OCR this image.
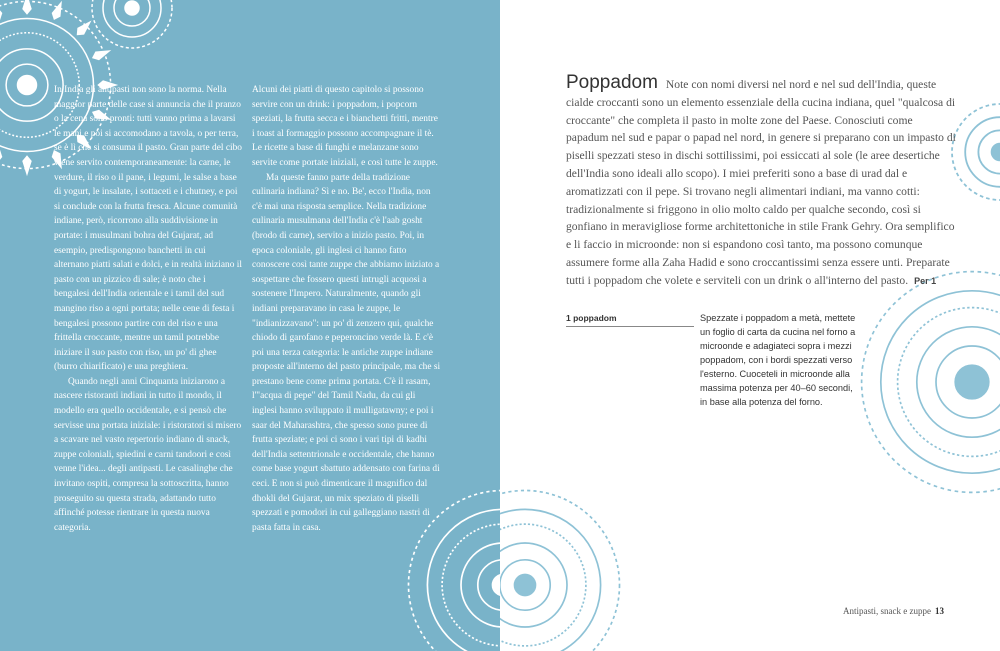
In India gli antipasti non sono la norma. Nella maggior parte delle case si annuncia che il pranzo o la cena sono pronti: tutti vanno prima a lavarsi le mani e poi si accomodano a tavola, o per terra, se è lì che si consuma il pasto. Gran parte del cibo viene servito contemporaneamente: la carne, le verdure, il riso o il pane, i legumi, le salse a base di yogurt, le insalate, i sottaceti e i chutney, e poi si conclude con la frutta fresca. Alcune comunità indiane, però, ricorrono alla suddivisione in portate: i musulmani bohra del Gujarat, ad esempio, predispongono banchetti in cui alternano piatti salati e dolci, e in realtà iniziano il pasto con un pizzico di sale; è noto che i bengalesi dell'India orientale e i tamil del sud mangino riso a ogni portata; nelle cene di festa i bengalesi possono partire con del riso e una frittella croccante, mentre un tamil potrebbe iniziare il suo pasto con riso, un po' di ghee (burro chiarificato) e una preghiera.

Quando negli anni Cinquanta iniziarono a nascere ristoranti indiani in tutto il mondo, il modello era quello occidentale, e si pensò che servisse una portata iniziale: i ristoratori si misero a scavare nel vasto repertorio indiano di snack, zuppe coloniali, spiedini e carni tandoori e così venne l'idea... degli antipasti. Le casalinghe che invitano ospiti, compresa la sottoscritta, hanno proseguito su questa strada, adattando tutto affinché potesse rientrare in questa nuova categoria.

Alcuni dei piatti di questo capitolo si possono servire con un drink: i poppadom, i popcorn speziati, la frutta secca e i bianchetti fritti, mentre i toast al formaggio possono accompagnare il tè. Le ricette a base di funghi e melanzane sono servite come portate iniziali, e così tutte le zuppe.

Ma queste fanno parte della tradizione culinaria indiana? Sì e no. Be', ecco l'India, non c'è mai una risposta semplice. Nella tradizione culinaria musulmana dell'India c'è l'aab gosht (brodo di carne), servito a inizio pasto. Poi, in epoca coloniale, gli inglesi ci hanno fatto conoscere così tante zuppe che abbiamo iniziato a sospettare che fossero questi intrugli acquosi a sostenere l'Impero. Naturalmente, quando gli indiani preparavano in casa le zuppe, le "indianizzavano": un po' di zenzero qui, qualche chiodo di garofano e peperoncino verde là. E c'è poi una terza categoria: le antiche zuppe indiane proposte all'interno del pasto principale, ma che si prestano bene come prima portata. C'è il rasam, l'"acqua di pepe" del Tamil Nadu, da cui gli inglesi hanno sviluppato il mulligatawny; e poi i saar del Maharashtra, che spesso sono puree di frutta speziate; e poi ci sono i vari tipi di kadhi dell'India settentrionale e occidentale, che hanno come base yogurt sbattuto addensato con farina di ceci. E non si può dimenticare il magnifico dal dhokli del Gujarat, un mix speziato di piselli spezzati e pomodori in cui galleggiano nastri di pasta fatta in casa.

Poppadom Note con nomi diversi nel nord e nel sud dell'India, queste cialde croccanti sono un elemento essenziale della cucina indiana, quel "qualcosa di croccante" che completa il pasto in molte zone del Paese. Conosciuti come papadum nel sud e papar o papad nel nord, in genere si preparano con un impasto di piselli spezzati steso in dischi sottilissimi, poi essiccati al sole (le aree desertiche dell'India sono ideali allo scopo). I miei preferiti sono a base di urad dal e aromatizzati con il pepe. Si trovano negli alimentari indiani, ma vanno cotti: tradizionalmente si friggono in olio molto caldo per qualche secondo, così si gonfiano in meravigliose forme architettoniche in stile Frank Gehry. Ora semplifico e li faccio in microonde: non si espandono così tanto, ma possono comunque assumere forme alla Zaha Hadid e sono croccantissimi senza essere unti. Preparate tutti i poppadom che volete e serviteli con un drink o all'interno del pasto. Per 1
1 poppadom	Spezzate i poppadom a metà, mettete un foglio di carta da cucina nel forno a microonde e adagiateci sopra i mezzi poppadom, con i bordi spezzati verso l'esterno. Cuoceteli in microonde alla massima potenza per 40–60 secondi, in base alla potenza del forno.
Antipasti, snack e zuppe 13
